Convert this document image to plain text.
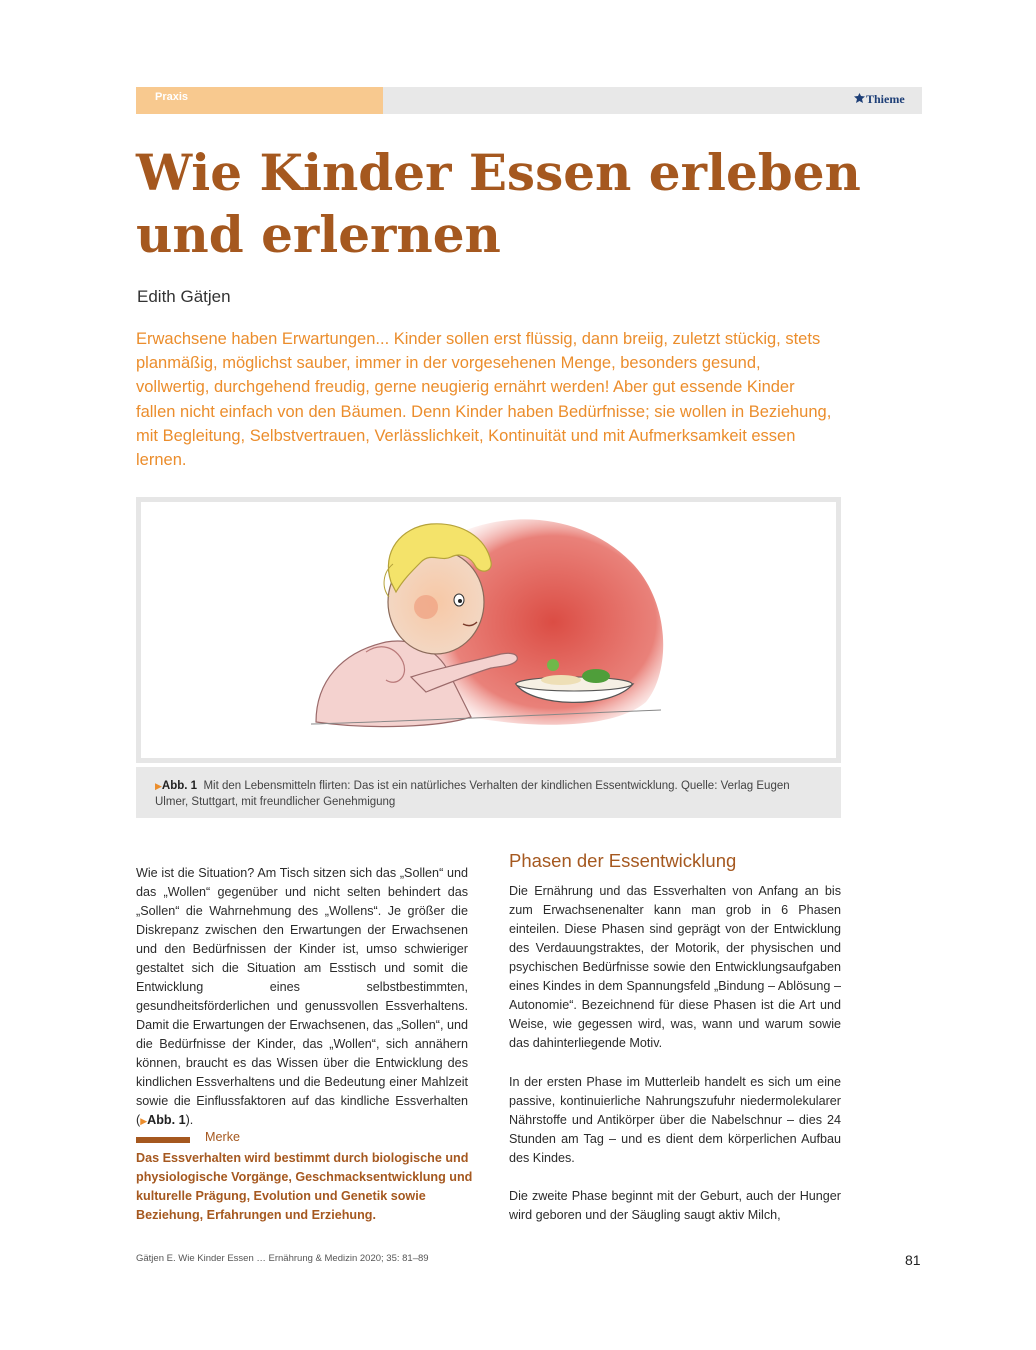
Praxis	Thieme
Wie Kinder Essen erleben und erlernen
Edith Gätjen

Erwachsene haben Erwartungen... Kinder sollen erst flüssig, dann breiig, zuletzt stückig, stets planmäßig, möglichst sauber, immer in der vorgesehenen Menge, besonders gesund, vollwertig, durchgehend freudig, gerne neugierig ernährt werden! Aber gut essende Kinder fallen nicht einfach von den Bäumen. Denn Kinder haben Bedürfnisse; sie wollen in Beziehung, mit Begleitung, Selbstvertrauen, Verlässlichkeit, Kontinuität und mit Aufmerksamkeit essen lernen.

▶Abb. 1 Mit den Lebensmitteln flirten: Das ist ein natürliches Verhalten der kindlichen Essentwicklung. Quelle: Verlag Eugen Ulmer, Stuttgart, mit freundlicher Genehmigung

Wie ist die Situation? Am Tisch sitzen sich das „Sollen“ und das „Wollen“ gegenüber und nicht selten behindert das „Sollen“ die Wahrnehmung des „Wollens“. Je größer die Diskrepanz zwischen den Erwartungen der Erwachsenen und den Bedürfnissen der Kinder ist, umso schwieriger gestaltet sich die Situation am Esstisch und somit die Entwicklung eines selbstbestimmten, gesundheitsförderlichen und genussvollen Essverhaltens. Damit die Erwartungen der Erwachsenen, das „Sollen“, und die Bedürfnisse der Kinder, das „Wollen“, sich annähern können, braucht es das Wissen über die Entwicklung des kindlichen Essverhaltens und die Bedeutung einer Mahlzeit sowie die Einflussfaktoren auf das kindliche Essverhalten (▶Abb. 1).

Merke

Das Essverhalten wird bestimmt durch biologische und physiologische Vorgänge, Geschmacksentwicklung und kulturelle Prägung, Evolution und Genetik sowie Beziehung, Erfahrungen und Erziehung.

Phasen der Essentwicklung

Die Ernährung und das Essverhalten von Anfang an bis zum Erwachsenenalter kann man grob in 6 Phasen einteilen. Diese Phasen sind geprägt von der Entwicklung des Verdauungstraktes, der Motorik, der physischen und psychischen Bedürfnisse sowie den Entwicklungsaufgaben eines Kindes in dem Spannungsfeld „Bindung – Ablösung – Autonomie“. Bezeichnend für diese Phasen ist die Art und Weise, wie gegessen wird, was, wann und warum sowie das dahinterliegende Motiv.

In der ersten Phase im Mutterleib handelt es sich um eine passive, kontinuierliche Nahrungszufuhr niedermolekularer Nährstoffe und Antikörper über die Nabelschnur – dies 24 Stunden am Tag – und es dient dem körperlichen Aufbau des Kindes.

Die zweite Phase beginnt mit der Geburt, auch der Hunger wird geboren und der Säugling saugt aktiv Milch,

Gätjen E. Wie Kinder Essen … Ernährung & Medizin 2020; 35: 81–89	81
